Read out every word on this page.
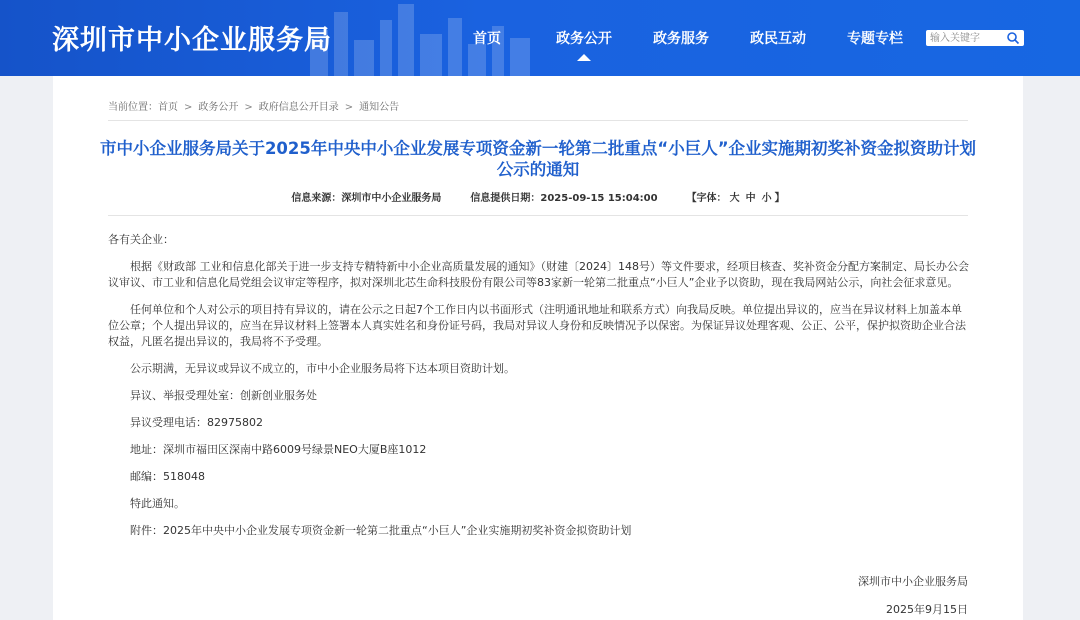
深圳市中小企业服务局	首页	政务公开	政务服务	政民互动	专题专栏
输入关键字
当前位置：首页 > 政务公开 > 政府信息公开目录 > 通知公告
市中小企业服务局关于2025年中央中小企业发展专项资金新一轮第二批重点“小巨人”企业实施期初奖补资金拟资助计划公示的通知
信息来源：深圳市中小企业服务局	信息提供日期：2025-09-15 15:04:00	【字体： 大 中 小 】

各有关企业：

根据《财政部 工业和信息化部关于进一步支持专精特新中小企业高质量发展的通知》（财建〔2024〕148号）等文件要求，经项目核查、奖补资金分配方案制定、局长办公会议审议、市工业和信息化局党组会议审定等程序，拟对深圳北芯生命科技股份有限公司等83家新一轮第二批重点“小巨人”企业予以资助，现在我局网站公示，向社会征求意见。

任何单位和个人对公示的项目持有异议的，请在公示之日起7个工作日内以书面形式（注明通讯地址和联系方式）向我局反映。单位提出异议的，应当在异议材料上加盖本单位公章；个人提出异议的，应当在异议材料上签署本人真实姓名和身份证号码，我局对异议人身份和反映情况予以保密。为保证异议处理客观、公正、公平，保护拟资助企业合法权益，凡匿名提出异议的，我局将不予受理。

公示期满，无异议或异议不成立的，市中小企业服务局将下达本项目资助计划。

异议、举报受理处室：创新创业服务处

异议受理电话：82975802

地址：深圳市福田区深南中路6009号绿景NEO大厦B座1012

邮编：518048

特此通知。

附件：2025年中央中小企业发展专项资金新一轮第二批重点“小巨人”企业实施期初奖补资金拟资助计划

深圳市中小企业服务局
2025年9月15日
